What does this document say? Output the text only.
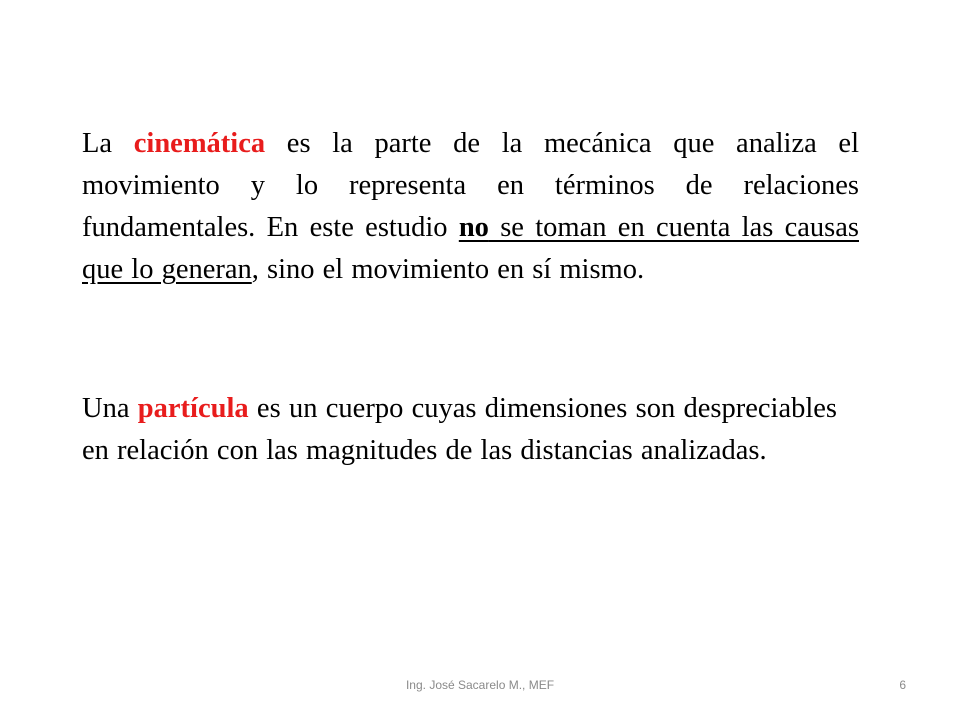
La cinemática es la parte de la mecánica que analiza el movimiento y lo representa en términos de relaciones fundamentales. En este estudio no se toman en cuenta las causas que lo generan, sino el movimiento en sí mismo.

Una partícula es un cuerpo cuyas dimensiones son despreciables en relación con las magnitudes de las distancias analizadas.

Ing. José Sacarelo M., MEF	6
